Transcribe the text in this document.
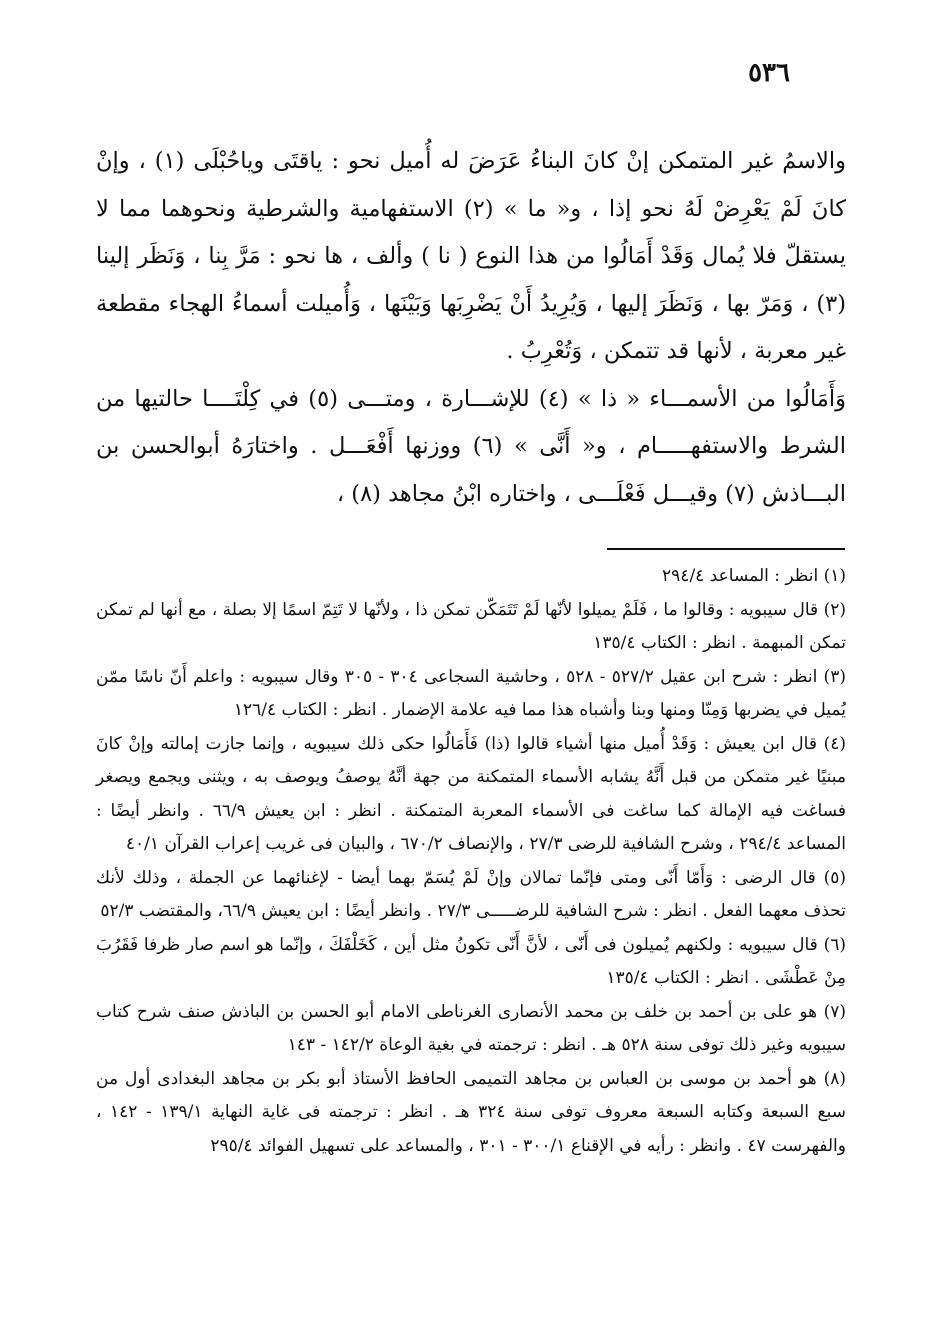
٥٣٦

والاسمُ غير المتمكن إنْ كانَ البناءُ عَرَضَ له أُميل نحو : ياقتَى وياحُبْلَى (١) ، وإنْ كانَ لَمْ يَعْرِضْ لَهُ نحو إذا ، و« ما » (٢) الاستفهامية والشرطية ونحوهما مما لا يستقلّ فلا يُمال وَقَدْ أَمَالُوا من هذا النوع ( نا ) وألف ، ها نحو : مَرَّ بِنا ، وَنَظَر إلينا (٣) ، وَمَرّ بها ، وَنَظَرَ إليها ، وَيُرِيدُ أَنْ يَضْرِبَها وَبَيْنَها ، وَأُميلت أسماءُ الهجاء مقطعة غير معربة ، لأنها قد تتمكن ، وَتُعْرِبُ .

وَأَمَالُوا من الأسمـــاء « ذا » (٤) للإشـــارة ، ومتـــى (٥) في كِلْتَــــا حالتيها من الشرط والاستفهـــــام ، و« أَنَّى » (٦) ووزنها أَفْعَـــل . واختارَهُ أبوالحسن بن البـــاذش (٧) وقيـــل فَعْلَـــى ، واختاره ابْنُ مجاهد (٨) ،

(١) انظر : المساعد ٢٩٤/٤

(٢) قال سيبويه : وقالوا ما ، فَلَمْ يميلوا لأنّها لَمْ تَتَمَكّن تمكن ذا ، ولأنّها لا تَتِمّ اسمًا إلا بصلة ، مع أنها لم تمكن تمكن المبهمة . انظر : الكتاب ١٣٥/٤

(٣) انظر : شرح ابن عقيل ٥٢٧/٢ - ٥٢٨ ، وحاشية السجاعى ٣٠٤ - ٣٠٥ وقال سيبويه : واعلم أَنّ ناسًا ممّن يُميل في يضربها وَمِنّا ومنها وبنا وأشباه هذا مما فيه علامة الإضمار . انظر : الكتاب ١٢٦/٤

(٤) قال ابن يعيش : وَقَدْ أُميل منها أشياء قالوا (ذا) فَأَمَالُوا حكى ذلك سيبويه ، وإنما جازت إمالته وإنْ كانَ مبنيًا غير متمكن من قبل أَنَّهُ يشابه الأسماء المتمكنة من جهة أنَّهُ يوصفُ ويوصف به ، ويثنى ويجمع ويصغر فساغت فيه الإمالة كما ساغت فى الأسماء المعربة المتمكنة . انظر : ابن يعيش ٦٦/٩ . وانظر أيضًا : المساعد ٢٩٤/٤ ، وشرح الشافية للرضى ٢٧/٣ ، والإنصاف ٦٧٠/٢ ، والبيان فى غريب إعراب القرآن ٤٠/١

(٥) قال الرضى : وَأَمّا أَنّى ومتى فإنّما تمالان وإنْ لَمْ يُسَمّ بهما أيضا - لإغنائهما عن الجملة ، وذلك لأنك تحذف معهما الفعل . انظر : شرح الشافية للرضـــــى ٢٧/٣ . وانظر أيضًا : ابن يعيش ٦٦/٩، والمقتضب ٥٢/٣

(٦) قال سيبويه : ولكنهم يُميلون فى أَنّى ، لأنَّ أَنّى تكونُ مثل أين ، كَخَلْفَكَ ، وإنّما هو اسم صار ظرفا فَقَرُبَ مِنْ عَطْشَى . انظر : الكتاب ١٣٥/٤

(٧) هو على بن أحمد بن خلف بن محمد الأنصارى الغرناطى الامام أبو الحسن بن الباذش صنف شرح كتاب سيبويه وغير ذلك توفى سنة ٥٢٨ هـ . انظر : ترجمته في بغية الوعاة ١٤٢/٢ - ١٤٣

(٨) هو أحمد بن موسى بن العباس بن مجاهد التميمى الحافظ الأستاذ أبو بكر بن مجاهد البغدادى أول من سبع السبعة وكتابه السبعة معروف توفى سنة ٣٢٤ هـ . انظر : ترجمته فى غاية النهاية ١٣٩/١ - ١٤٢ ، والفهرست ٤٧ . وانظر : رأيه في الإقناع ٣٠٠/١ - ٣٠١ ، والمساعد على تسهيل الفوائد ٢٩٥/٤
